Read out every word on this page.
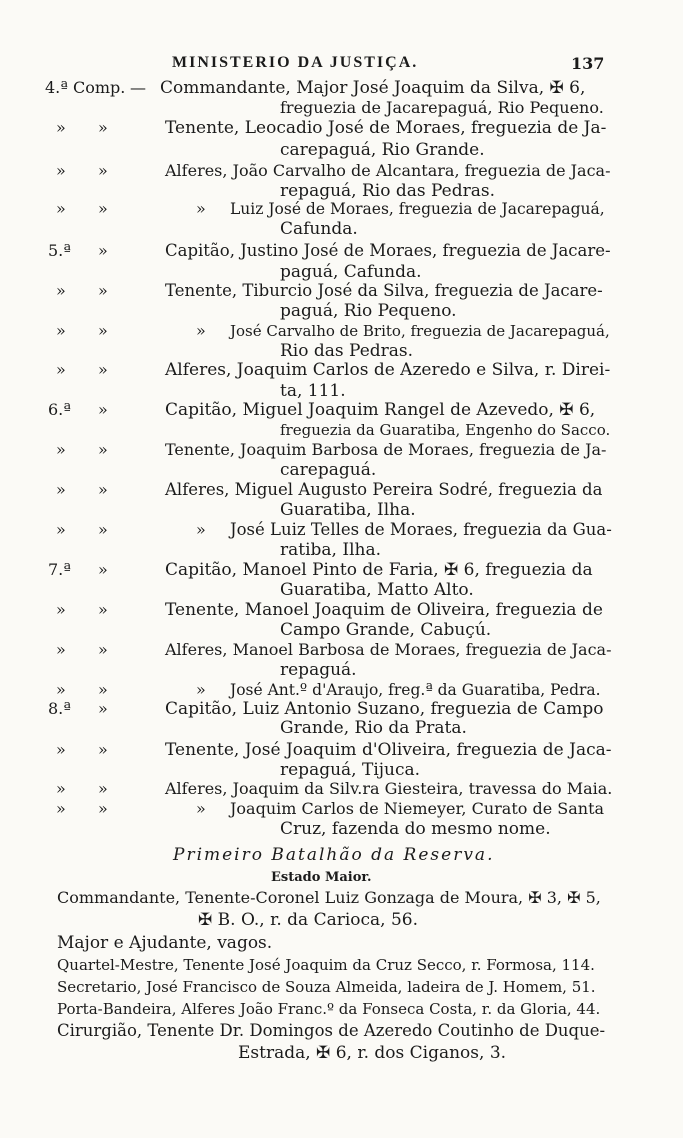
MINISTERIO DA JUSTIÇA.	137
4.ª Comp. — Commandante, Major José Joaquim da Silva, ✠ 6,
freguezia de Jacarepaguá, Rio Pequeno.
» »	Tenente, Leocadio José de Moraes, freguezia de Ja-
carepaguá, Rio Grande.
» »	Alferes, João Carvalho de Alcantara, freguezia de Jaca-
repaguá, Rio das Pedras.
» »	» Luiz José de Moraes, freguezia de Jacarepaguá,
Cafunda.
5.ª »	Capitão, Justino José de Moraes, freguezia de Jacare-
paguá, Cafunda.
» »	Tenente, Tiburcio José da Silva, freguezia de Jacare-
paguá, Rio Pequeno.
» »	» José Carvalho de Brito, freguezia de Jacarepaguá,
Rio das Pedras.
» »	Alferes, Joaquim Carlos de Azeredo e Silva, r. Direi-
ta, 111.
6.ª »	Capitão, Miguel Joaquim Rangel de Azevedo, ✠ 6,
freguezia da Guaratiba, Engenho do Sacco.
» »	Tenente, Joaquim Barbosa de Moraes, freguezia de Ja-
carepaguá.
» »	Alferes, Miguel Augusto Pereira Sodré, freguezia da
Guaratiba, Ilha.
» »	» José Luiz Telles de Moraes, freguezia da Gua-
ratiba, Ilha.
7.ª »	Capitão, Manoel Pinto de Faria, ✠ 6, freguezia da
Guaratiba, Matto Alto.
» »	Tenente, Manoel Joaquim de Oliveira, freguezia de
Campo Grande, Cabuçú.
» »	Alferes, Manoel Barbosa de Moraes, freguezia de Jaca-
repaguá.
» »	» José Ant.º d'Araujo, freg.ª da Guaratiba, Pedra.
8.ª »	Capitão, Luiz Antonio Suzano, freguezia de Campo
Grande, Rio da Prata.
» »	Tenente, José Joaquim d'Oliveira, freguezia de Jaca-
repaguá, Tijuca.
» »	Alferes, Joaquim da Silv.ra Giesteira, travessa do Maia.
» »	» Joaquim Carlos de Niemeyer, Curato de Santa
Cruz, fazenda do mesmo nome.
Primeiro Batalhão da Reserva.
Estado Maior.
Commandante, Tenente-Coronel Luiz Gonzaga de Moura, ✠ 3, ✠ 5,
✠ B. O., r. da Carioca, 56.
Major e Ajudante, vagos.
Quartel-Mestre, Tenente José Joaquim da Cruz Secco, r. Formosa, 114.
Secretario, José Francisco de Souza Almeida, ladeira de J. Homem, 51.
Porta-Bandeira, Alferes João Franc.º da Fonseca Costa, r. da Gloria, 44.
Cirurgião, Tenente Dr. Domingos de Azeredo Coutinho de Duque-
Estrada, ✠ 6, r. dos Ciganos, 3.
